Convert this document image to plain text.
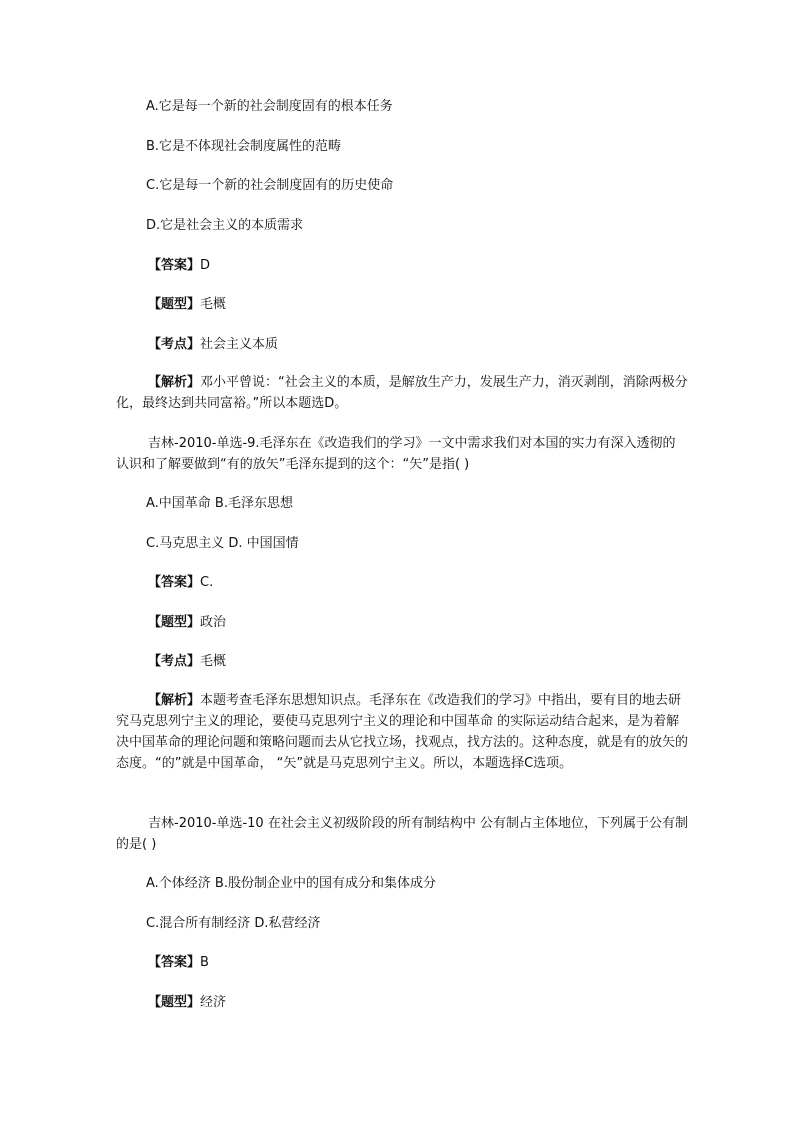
A.它是每一个新的社会制度固有的根本任务
B.它是不体现社会制度属性的范畴
C.它是每一个新的社会制度固有的历史使命
D.它是社会主义的本质需求
【答案】D
【题型】毛概
【考点】社会主义本质

【解析】邓小平曾说：“社会主义的本质，是解放生产力，发展生产力，消灭剥削，消除两极分化，最终达到共同富裕。”所以本题选D。

吉林-2010-单选-9.毛泽东在《改造我们的学习》一文中需求我们对本国的实力有深入透彻的认识和了解要做到“有的放矢”毛泽东提到的这个：“矢”是指( )

A.中国革命 B.毛泽东思想
C.马克思主义 D. 中国国情
【答案】C.
【题型】政治
【考点】毛概

【解析】本题考查毛泽东思想知识点。毛泽东在《改造我们的学习》中指出，要有目的地去研究马克思列宁主义的理论，要使马克思列宁主义的理论和中国革命 的实际运动结合起来，是为着解决中国革命的理论问题和策略问题而去从它找立场，找观点，找方法的。这种态度，就是有的放矢的态度。“的”就是中国革命， “矢”就是马克思列宁主义。所以，本题选择C选项。

吉林-2010-单选-10 在社会主义初级阶段的所有制结构中 公有制占主体地位，下列属于公有制的是( )

A.个体经济 B.股份制企业中的国有成分和集体成分
C.混合所有制经济 D.私营经济
【答案】B
【题型】经济
